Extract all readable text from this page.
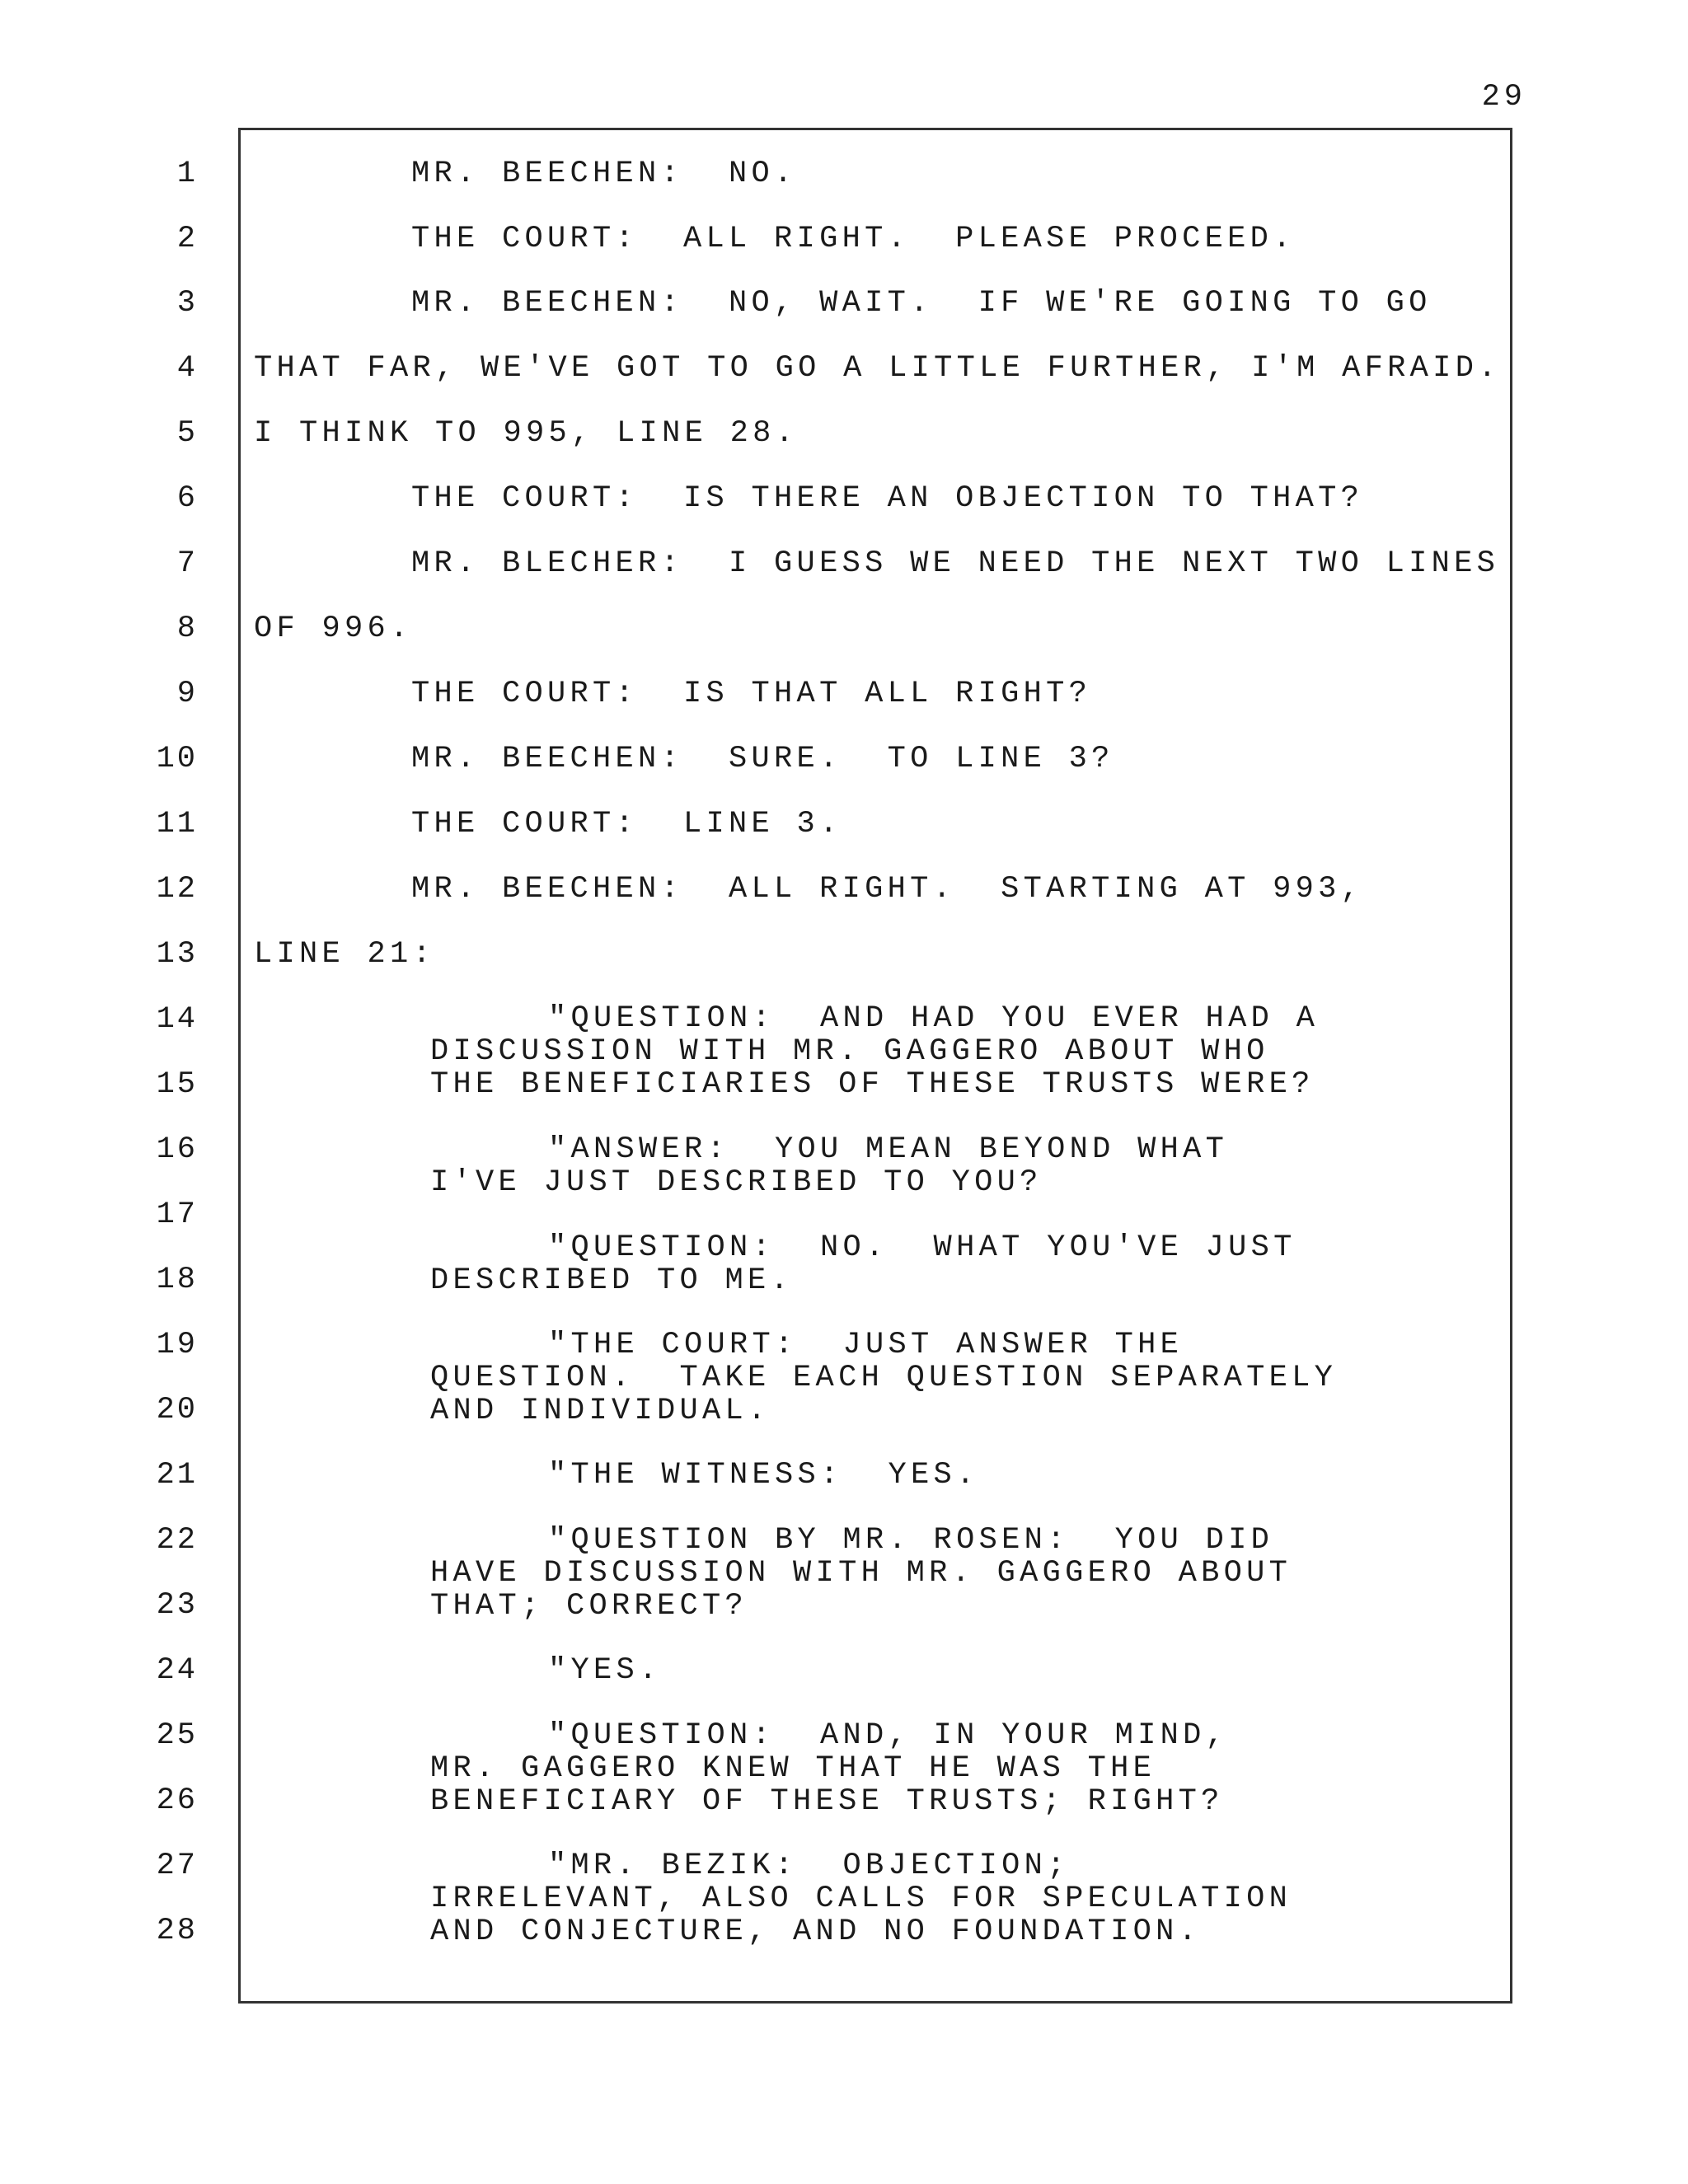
29
1
2
3
4
5
6
7
8
9
10
11
12
13
14
15
16
17
18
19
20
21
22
23
24
25
26
27
28
MR. BEECHEN:  NO.
THE COURT:  ALL RIGHT.  PLEASE PROCEED.
MR. BEECHEN:  NO, WAIT.  IF WE'RE GOING TO GO
THAT FAR, WE'VE GOT TO GO A LITTLE FURTHER, I'M AFRAID.
I THINK TO 995, LINE 28.
THE COURT:  IS THERE AN OBJECTION TO THAT?
MR. BLECHER:  I GUESS WE NEED THE NEXT TWO LINES
OF 996.
THE COURT:  IS THAT ALL RIGHT?
MR. BEECHEN:  SURE.  TO LINE 3?
THE COURT:  LINE 3.
MR. BEECHEN:  ALL RIGHT.  STARTING AT 993,
LINE 21:
"QUESTION:  AND HAD YOU EVER HAD A
DISCUSSION WITH MR. GAGGERO ABOUT WHO
THE BENEFICIARIES OF THESE TRUSTS WERE?
"ANSWER:  YOU MEAN BEYOND WHAT
I'VE JUST DESCRIBED TO YOU?
"QUESTION:  NO.  WHAT YOU'VE JUST
DESCRIBED TO ME.
"THE COURT:  JUST ANSWER THE
QUESTION.  TAKE EACH QUESTION SEPARATELY
AND INDIVIDUAL.
"THE WITNESS:  YES.
"QUESTION BY MR. ROSEN:  YOU DID
HAVE DISCUSSION WITH MR. GAGGERO ABOUT
THAT; CORRECT?
"YES.
"QUESTION:  AND, IN YOUR MIND,
MR. GAGGERO KNEW THAT HE WAS THE
BENEFICIARY OF THESE TRUSTS; RIGHT?
"MR. BEZIK:  OBJECTION;
IRRELEVANT, ALSO CALLS FOR SPECULATION
AND CONJECTURE, AND NO FOUNDATION.
